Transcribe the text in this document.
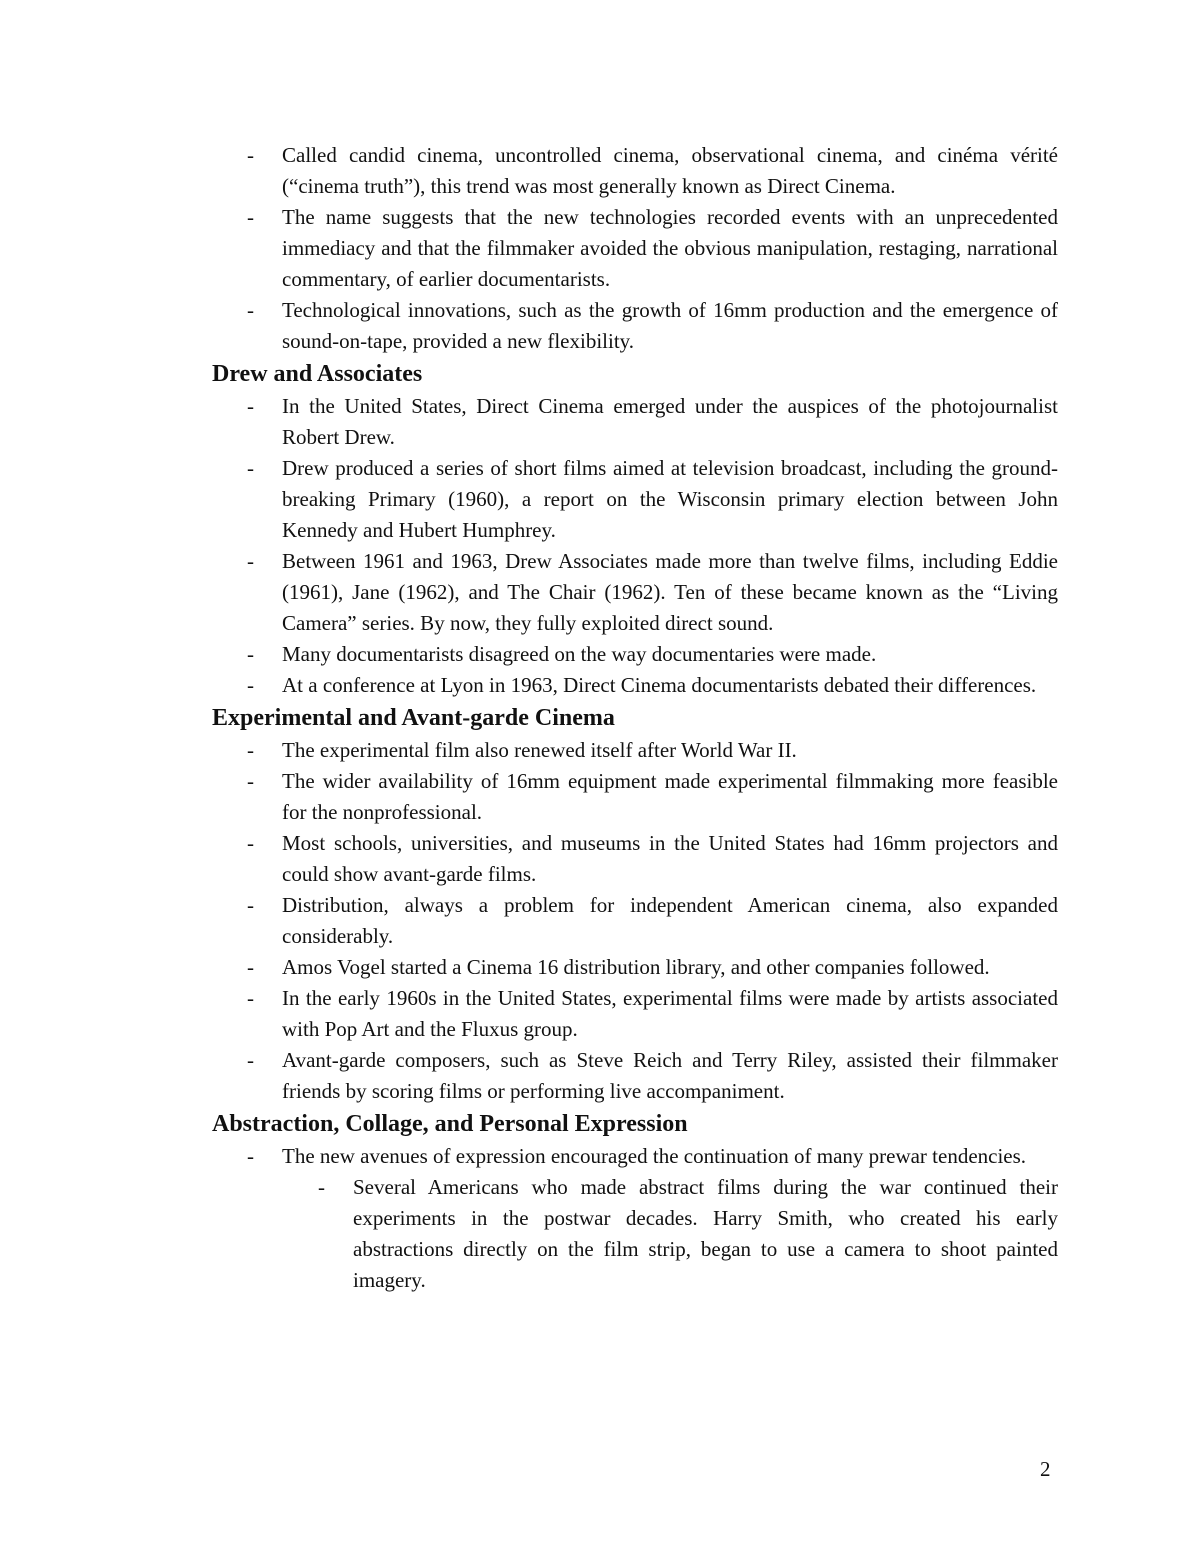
- Called candid cinema, uncontrolled cinema, observational cinema, and cinéma vérité (“cinema truth”), this trend was most generally known as Direct Cinema.
- The name suggests that the new technologies recorded events with an unprecedented immediacy and that the filmmaker avoided the obvious manipulation, restaging, narrational commentary, of earlier documentarists.
- Technological innovations, such as the growth of 16mm production and the emergence of sound-on-tape, provided a new flexibility.
Drew and Associates
- In the United States, Direct Cinema emerged under the auspices of the photojournalist Robert Drew.
- Drew produced a series of short films aimed at television broadcast, including the ground-breaking Primary (1960), a report on the Wisconsin primary election between John Kennedy and Hubert Humphrey.
- Between 1961 and 1963, Drew Associates made more than twelve films, including Eddie (1961), Jane (1962), and The Chair (1962). Ten of these became known as the “Living Camera” series. By now, they fully exploited direct sound.
- Many documentarists disagreed on the way documentaries were made.
- At a conference at Lyon in 1963, Direct Cinema documentarists debated their differences.
Experimental and Avant-garde Cinema
- The experimental film also renewed itself after World War II.
- The wider availability of 16mm equipment made experimental filmmaking more feasible for the nonprofessional.
- Most schools, universities, and museums in the United States had 16mm projectors and could show avant-garde films.
- Distribution, always a problem for independent American cinema, also expanded considerably.
- Amos Vogel started a Cinema 16 distribution library, and other companies followed.
- In the early 1960s in the United States, experimental films were made by artists associated with Pop Art and the Fluxus group.
- Avant-garde composers, such as Steve Reich and Terry Riley, assisted their filmmaker friends by scoring films or performing live accompaniment.
Abstraction, Collage, and Personal Expression
- The new avenues of expression encouraged the continuation of many prewar tendencies.
- Several Americans who made abstract films during the war continued their experiments in the postwar decades. Harry Smith, who created his early abstractions directly on the film strip, began to use a camera to shoot painted imagery.
2
